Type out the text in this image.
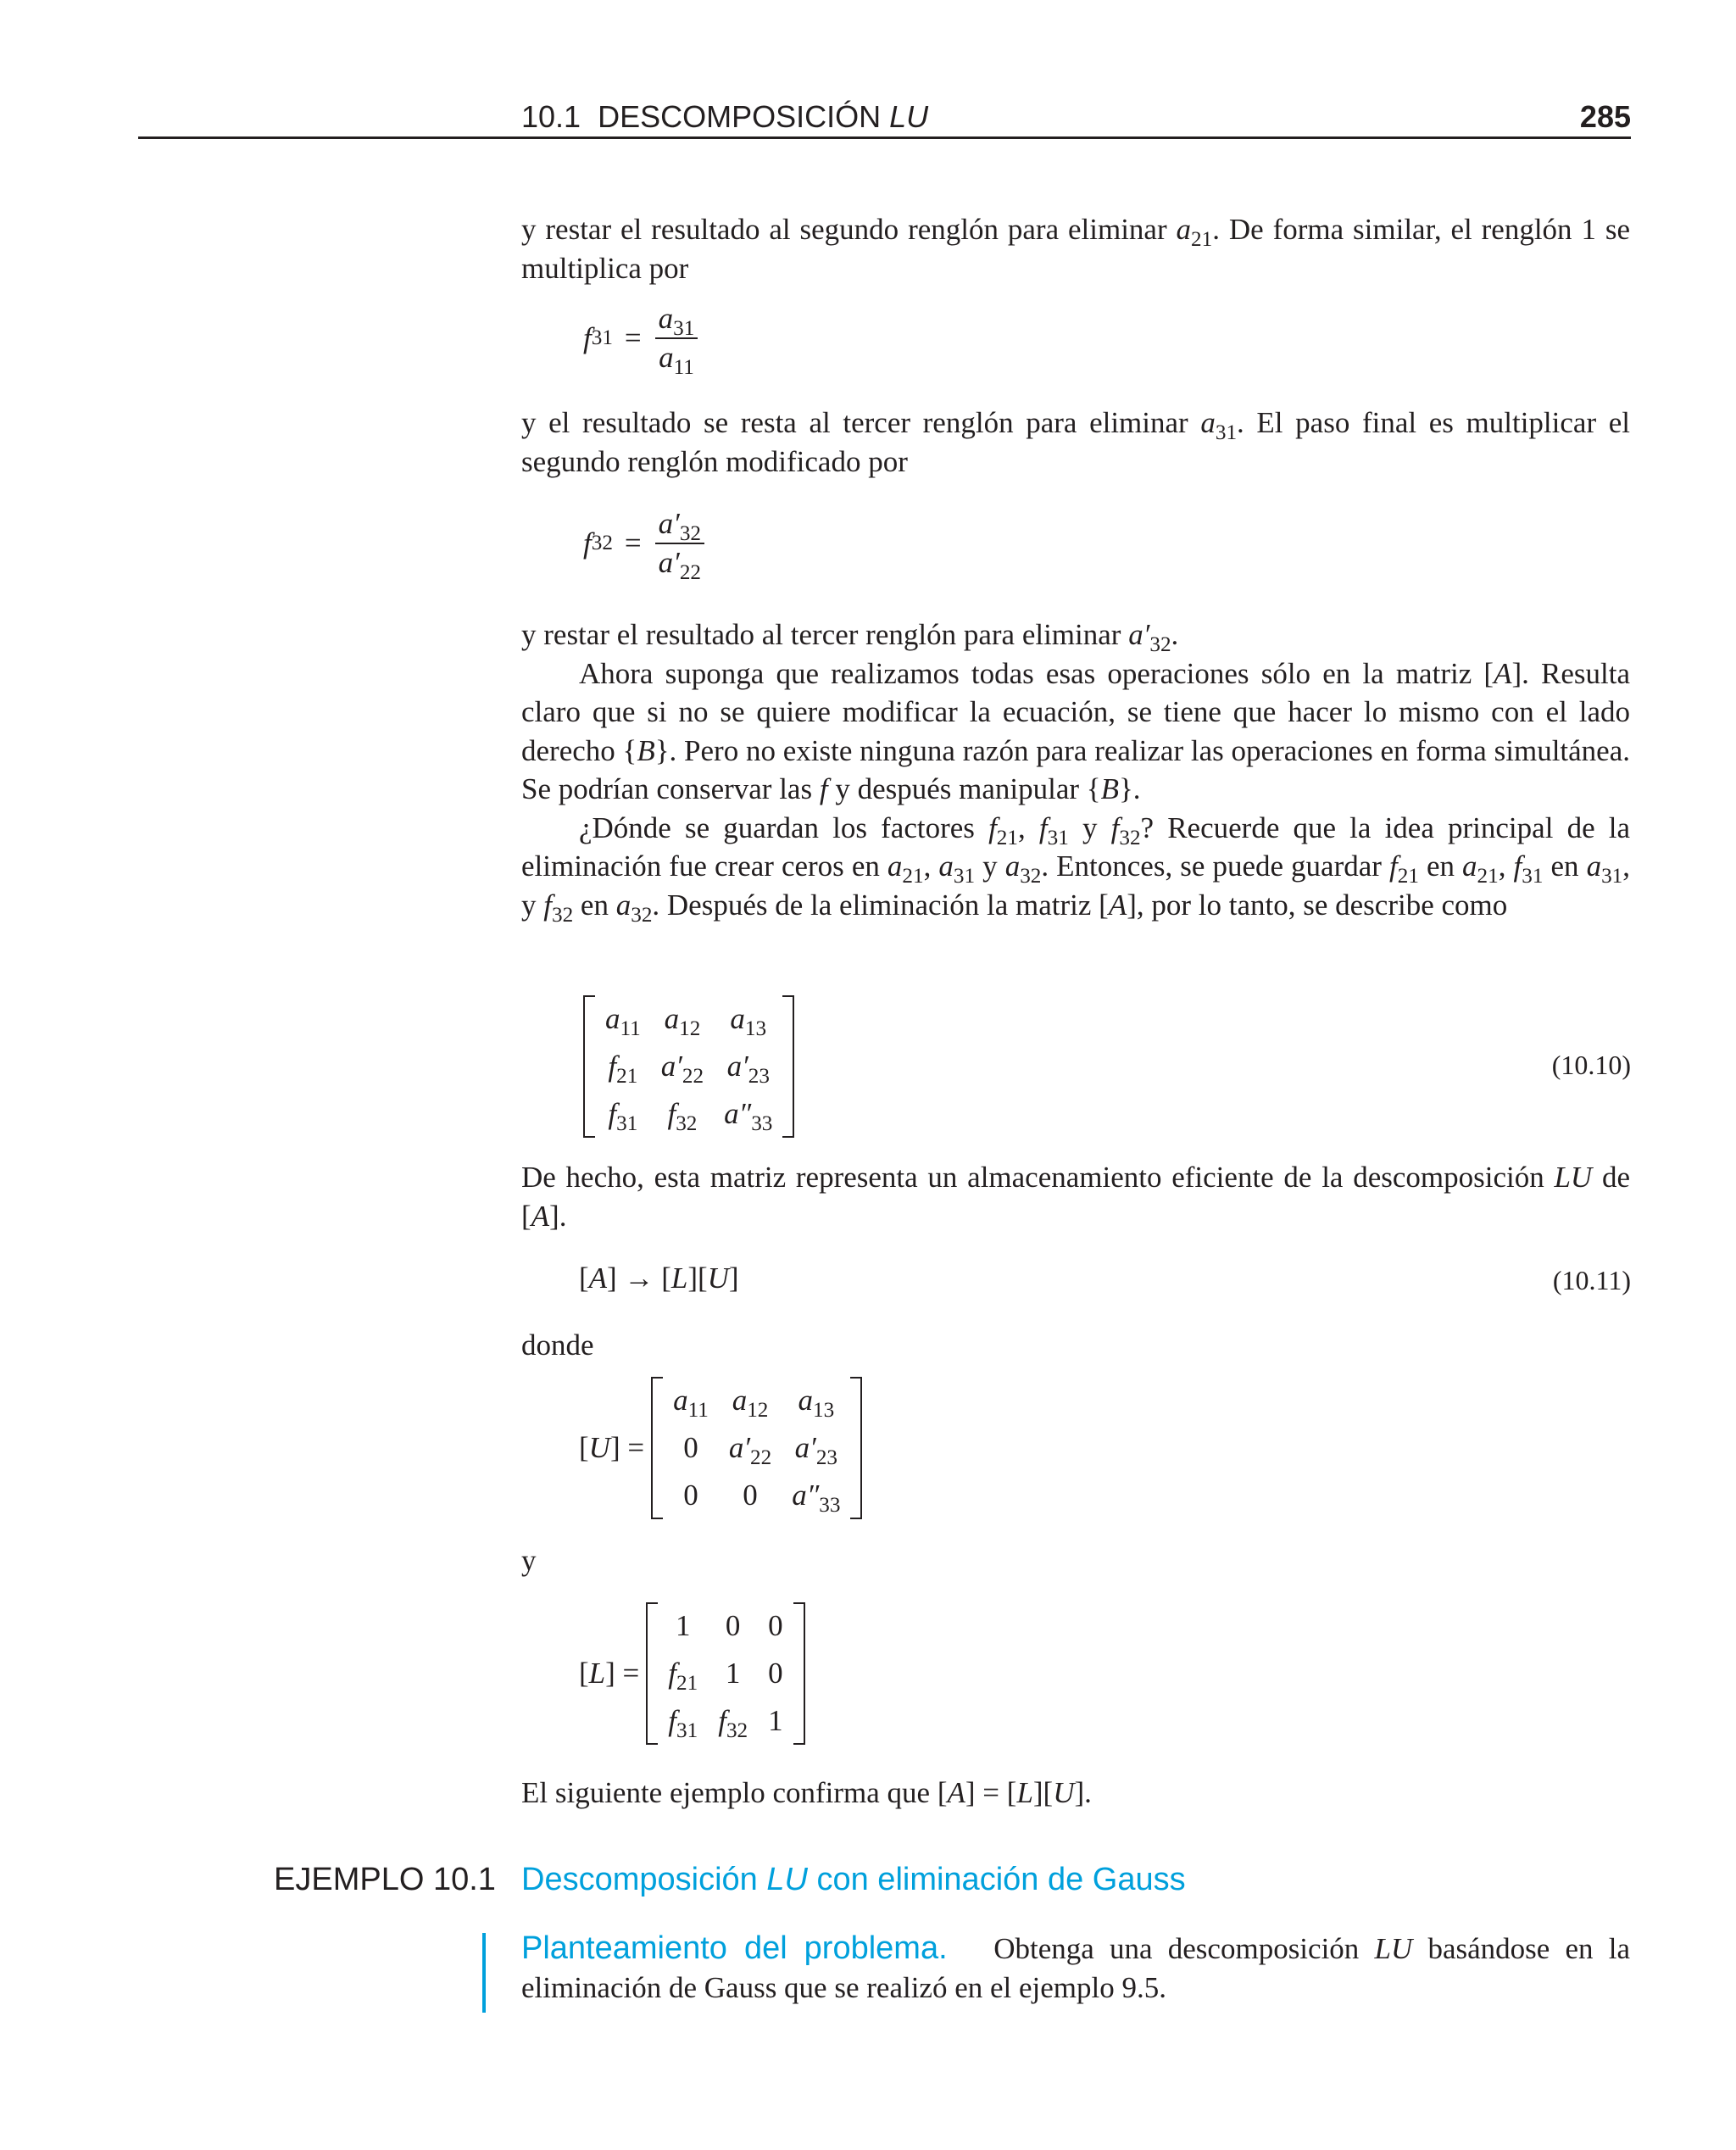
10.1 DESCOMPOSICIÓN LU	285

y restar el resultado al segundo renglón para eliminar $a_{21}$. De forma similar, el renglón 1 se multiplica por

f $31 = \frac{a_{31}}{a_{11}}$

y el resultado se resta al tercer renglón para eliminar $a_{31}$. El paso final es multiplicar el segundo renglón modificado por

f $32 = \frac{a'_{32}}{a'_{22}}$

y restar el resultado al tercer renglón para eliminar $a'_{32}$.

Ahora suponga que realizamos todas esas operaciones sólo en la matriz [A]. Resulta claro que si no se quiere modificar la ecuación, se tiene que hacer lo mismo con el lado derecho {B}. Pero no existe ninguna razón para realizar las operaciones en forma simultánea. Se podrían conservar las f y después manipular {B}.

¿Dónde se guardan los factores $f_{21}$, $f_{31}$ y $f_{32}$? Recuerde que la idea principal de la eliminación fue crear ceros en $a_{21}$, $a_{31}$ y $a_{32}$. Entonces, se puede guardar $f_{21}$ en $a_{21}$, $f_{31}$ en $a_{31}$, y $f_{32}$ en $a_{32}$. Después de la eliminación la matriz [A], por lo tanto, se describe como

$a_{11}$	$a_{12}$	$a_{13}$
$f_{21}$	$a'_{22}$	$a'_{23}$
$f_{31}$	$f_{32}$	$a''_{33}$
(10.10)

De hecho, esta matriz representa un almacenamiento eficiente de la descomposición LU de [A].

[A] → [L][U]	(10.11)
donde
[U] =
$a_{11}$	$a_{12}$	$a_{13}$
0	$a'_{22}$	$a'_{23}$
0	0	$a''_{33}$
y
[L] =
1	0	0
$f_{21}$	1	0
$f_{31}$	$f_{32}$	1

El siguiente ejemplo confirma que [A] = [L][U].

EJEMPLO 10.1 Descomposición LU con eliminación de Gauss

Planteamiento del problema. Obtenga una descomposición LU basándose en la eliminación de Gauss que se realizó en el ejemplo 9.5.
